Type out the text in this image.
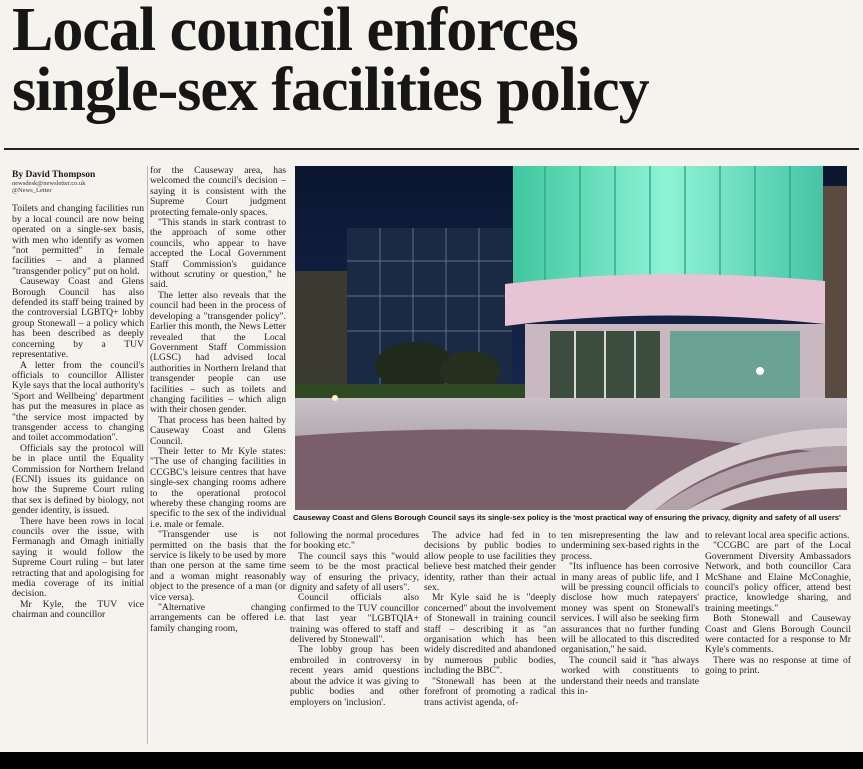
Local council enforces
single-sex facilities policy
By David Thompson
newsdesk@newsletter.co.uk
@News_Letter

Toilets and changing facilities run by a local council are now being operated on a single-sex basis, with men who identify as women "not permitted" in female facilities – and a planned "transgender policy" put on hold.

Causeway Coast and Glens Borough Council has also defended its staff being trained by the controversial LGBTQ+ lobby group Stonewall – a policy which has been described as deeply concerning by a TUV representative.

A letter from the council's officials to councillor Allister Kyle says that the local authority's 'Sport and Wellbeing' department has put the measures in place as "the service most impacted by transgender access to changing and toilet accommodation".

Officials say the protocol will be in place until the Equality Commission for Northern Ireland (ECNI) issues its guidance on how the Supreme Court ruling that sex is defined by biology, not gender identity, is issued.

There have been rows in local councils over the issue, with Fermanagh and Omagh initially saying it would follow the Supreme Court ruling – but later retracting that and apologising for media coverage of its initial decision.

Mr Kyle, the TUV vice chairman and councillor

for the Causeway area, has welcomed the council's decision – saying it is consistent with the Supreme Court judgment protecting female-only spaces.

"This stands in stark contrast to the approach of some other councils, who appear to have accepted the Local Government Staff Commission's guidance without scrutiny or question," he said.

The letter also reveals that the council had been in the process of developing a "transgender policy". Earlier this month, the News Letter revealed that the Local Government Staff Commission (LGSC) had advised local authorities in Northern Ireland that transgender people can use facilities – such as toilets and changing facilities – which align with their chosen gender.

That process has been halted by Causeway Coast and Glens Council.

Their letter to Mr Kyle states: "The use of changing facilities in CCGBC's leisure centres that have single-sex changing rooms adhere to the operational protocol whereby these changing rooms are specific to the sex of the individual i.e. male or female.

"Transgender use is not permitted on the basis that the service is likely to be used by more than one person at the same time and a woman might reasonably object to the presence of a man (or vice versa).

"Alternative changing arrangements can be offered i.e. family changing room,

Causeway Coast and Glens Borough Council says its single-sex policy is the 'most practical way of ensuring the privacy, dignity and safety of all users'

following the normal procedures for booking etc."

The council says this "would seem to be the most practical way of ensuring the privacy, dignity and safety of all users".

Council officials also confirmed to the TUV councillor that last year "LGBTQIA+ training was offered to staff and delivered by Stonewall".

The lobby group has been embroiled in controversy in recent years amid questions about the advice it was giving to public bodies and other employers on 'inclusion'.

The advice had fed in to decisions by public bodies to allow people to use facilities they believe best matched their gender identity, rather than their actual sex.

Mr Kyle said he is "deeply concerned" about the involvement of Stonewall in training council staff – describing it as "an organisation which has been widely discredited and abandoned by numerous public bodies, including the BBC".

"Stonewall has been at the forefront of promoting a radical trans activist agenda, of-

ten misrepresenting the law and undermining sex-based rights in the process.

"Its influence has been corrosive in many areas of public life, and I will be pressing council officials to disclose how much ratepayers' money was spent on Stonewall's services. I will also be seeking firm assurances that no further funding will be allocated to this discredited organisation," he said.

The council said it "has always worked with constituents to understand their needs and translate this in-

to relevant local area specific actions.

"CCGBC are part of the Local Government Diversity Ambassadors Network, and both councillor Cara McShane and Elaine McConaghie, council's policy officer, attend best practice, knowledge sharing, and training meetings."

Both Stonewall and Causeway Coast and Glens Borough Council were contacted for a response to Mr Kyle's comments.

There was no response at time of going to print.
